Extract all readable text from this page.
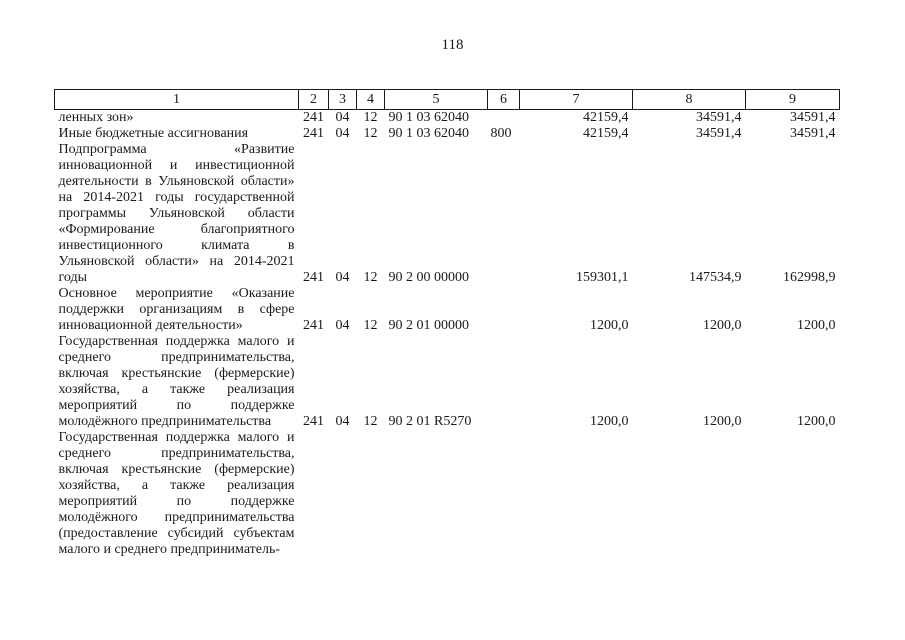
118
1	2	3	4	5	6	7	8	9
ленных зон»	241	04	12	90 1 03 62040		42159,4	34591,4	34591,4
Иные бюджетные ассигнования	241	04	12	90 1 03 62040	800	42159,4	34591,4	34591,4
Подпрограмма «Развитие инновационной и инвестиционной деятельности в Ульяновской области» на 2014-2021 годы государственной программы Ульяновской области «Формирование благоприятного инвестиционного климата в Ульяновской области» на 2014-2021 годы	241	04	12	90 2 00 00000		159301,1	147534,9	162998,9
Основное мероприятие «Оказание поддержки организациям в сфере инновационной деятельности»	241	04	12	90 2 01 00000		1200,0	1200,0	1200,0
Государственная поддержка малого и среднего предпринимательства, включая крестьянские (фермерские) хозяйства, а также реализация мероприятий по поддержке молодёжного предпринимательства	241	04	12	90 2 01 R5270		1200,0	1200,0	1200,0
Государственная поддержка малого и среднего предпринимательства, включая крестьянские (фермерские) хозяйства, а также реализация мероприятий по поддержке молодёжного предпринимательства (предоставление субсидий субъектам малого и среднего предприниматель-								
